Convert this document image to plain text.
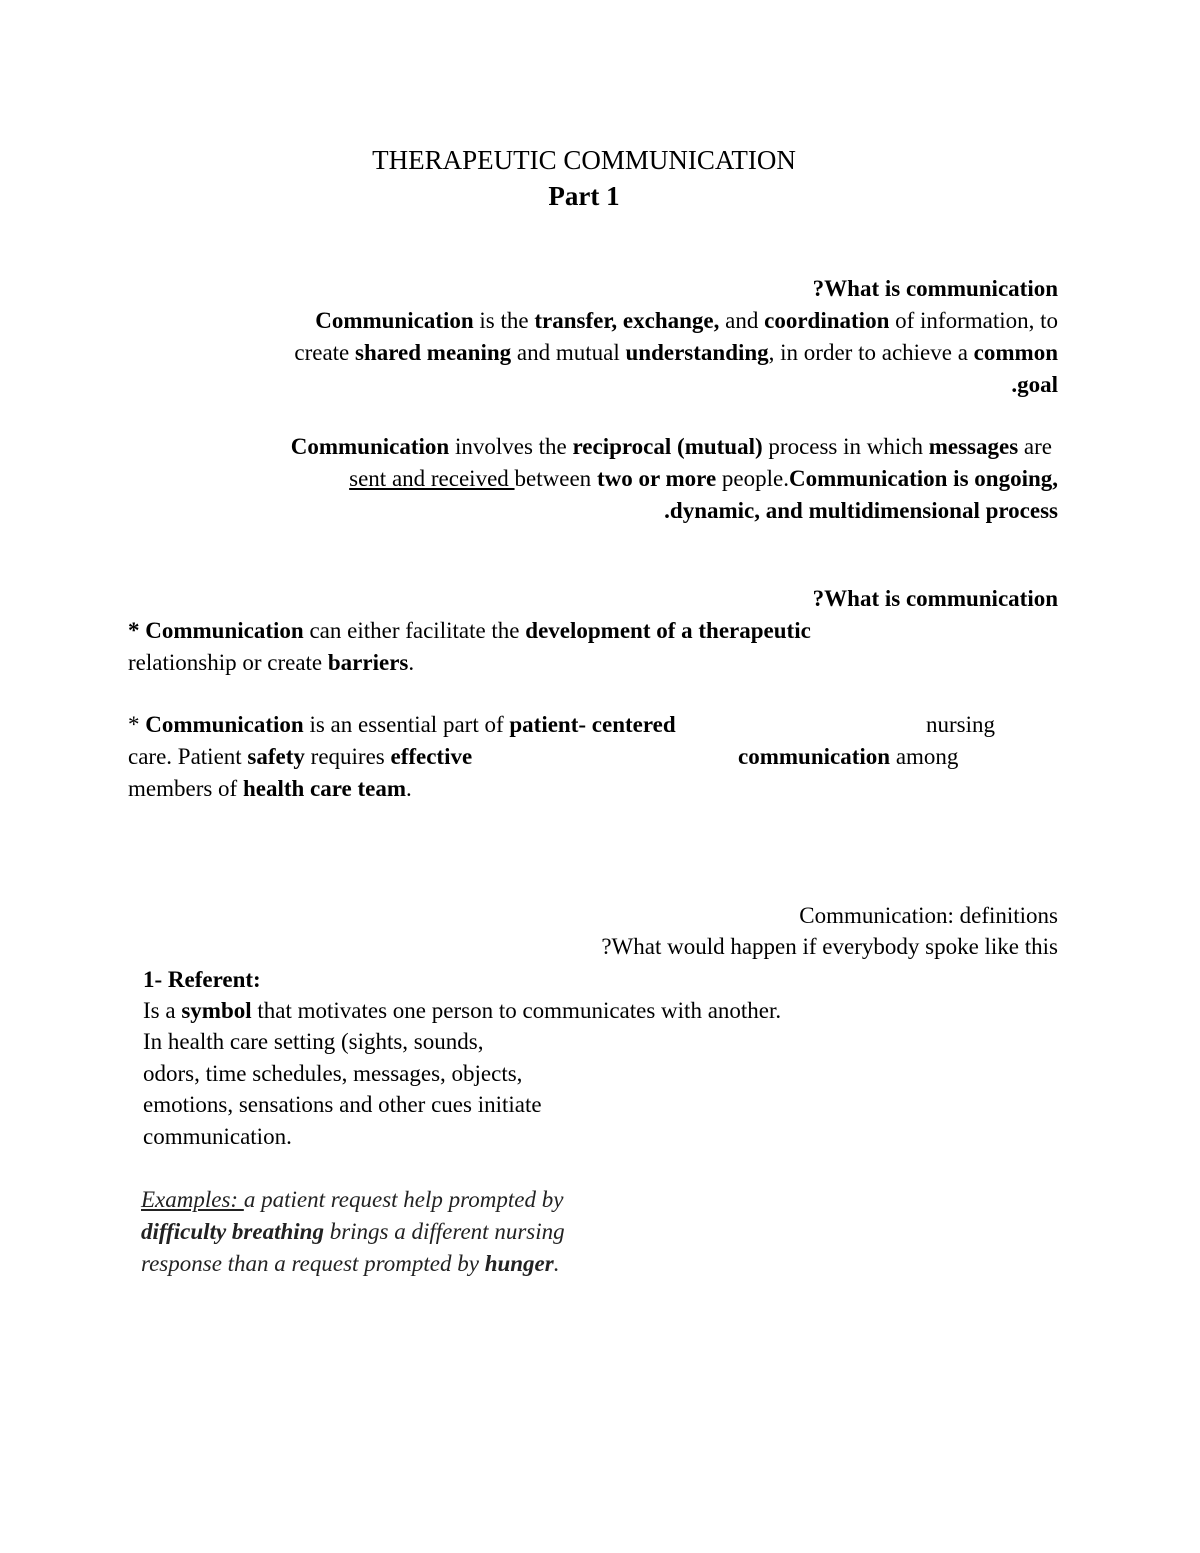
THERAPEUTIC COMMUNICATION
Part 1
?What is communication
Communication is the transfer, exchange, and coordination of information, to
create shared meaning and mutual understanding, in order to achieve a common
.goal
Communication involves the reciprocal (mutual) process in which messages are
sent and received between two or more people.Communication is ongoing,
.dynamic, and multidimensional process
?What is communication
* Communication can either facilitate the development of a therapeutic
relationship or create barriers.
* Communication is an essential part of patient- centered	nursing
care. Patient safety requires effective	communication among
members of health care team.
Communication: definitions
?What would happen if everybody spoke like this
1- Referent:
Is a symbol that motivates one person to communicates with another.
In health care setting (sights, sounds,
odors, time schedules, messages, objects,
emotions, sensations and other cues initiate
communication.
Examples: a patient request help prompted by
difficulty breathing brings a different nursing
response than a request prompted by hunger.
